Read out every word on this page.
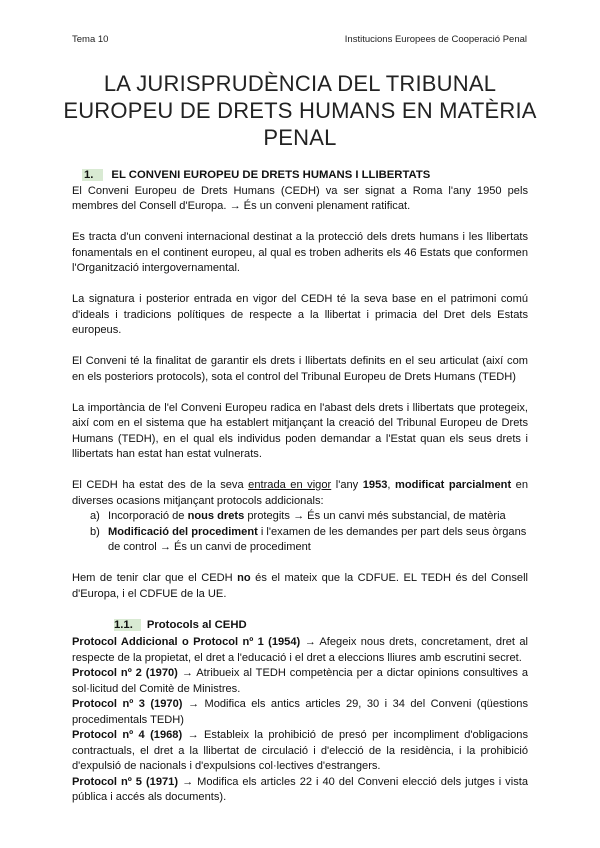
Tema 10	Institucions Europees de Cooperació Penal
LA JURISPRUDÈNCIA DEL TRIBUNAL EUROPEU DE DRETS HUMANS EN MATÈRIA PENAL
1. EL CONVENI EUROPEU DE DRETS HUMANS I LLIBERTATS

El Conveni Europeu de Drets Humans (CEDH) va ser signat a Roma l'any 1950 pels membres del Consell d'Europa. → És un conveni plenament ratificat.

Es tracta d'un conveni internacional destinat a la protecció dels drets humans i les llibertats fonamentals en el continent europeu, al qual es troben adherits els 46 Estats que conformen l'Organització intergovernamental.

La signatura i posterior entrada en vigor del CEDH té la seva base en el patrimoni comú d'ideals i tradicions polítiques de respecte a la llibertat i primacia del Dret dels Estats europeus.

El Conveni té la finalitat de garantir els drets i llibertats definits en el seu articulat (així com en els posteriors protocols), sota el control del Tribunal Europeu de Drets Humans (TEDH)

La importància de l'el Conveni Europeu radica en l'abast dels drets i llibertats que protegeix, així com en el sistema que ha establert mitjançant la creació del Tribunal Europeu de Drets Humans (TEDH), en el qual els individus poden demandar a l'Estat quan els seus drets i llibertats han estat han estat vulnerats.

El CEDH ha estat des de la seva entrada en vigor l'any 1953, modificat parcialment en diverses ocasions mitjançant protocols addicionals:

a) Incorporació de nous drets protegits → És un canvi més substancial, de matèria
b) Modificació del procediment i l'examen de les demandes per part dels seus òrgans de control → És un canvi de procediment

Hem de tenir clar que el CEDH no és el mateix que la CDFUE. EL TEDH és del Consell d'Europa, i el CDFUE de la UE.

1.1. Protocols al CEHD

Protocol Addicional o Protocol nº 1 (1954) → Afegeix nous drets, concretament, dret al respecte de la propietat, el dret a l'educació i el dret a eleccions lliures amb escrutini secret.

Protocol nº 2 (1970) → Atribueix al TEDH competència per a dictar opinions consultives a sol·licitud del Comitè de Ministres.

Protocol nº 3 (1970) → Modifica els antics articles 29, 30 i 34 del Conveni (qüestions procedimentals TEDH)

Protocol nº 4 (1968) → Estableix la prohibició de presó per incompliment d'obligacions contractuals, el dret a la llibertat de circulació i d'elecció de la residència, i la prohibició d'expulsió de nacionals i d'expulsions col·lectives d'estrangers.

Protocol nº 5 (1971) → Modifica els articles 22 i 40 del Conveni elecció dels jutges i vista pública i accés als documents).
